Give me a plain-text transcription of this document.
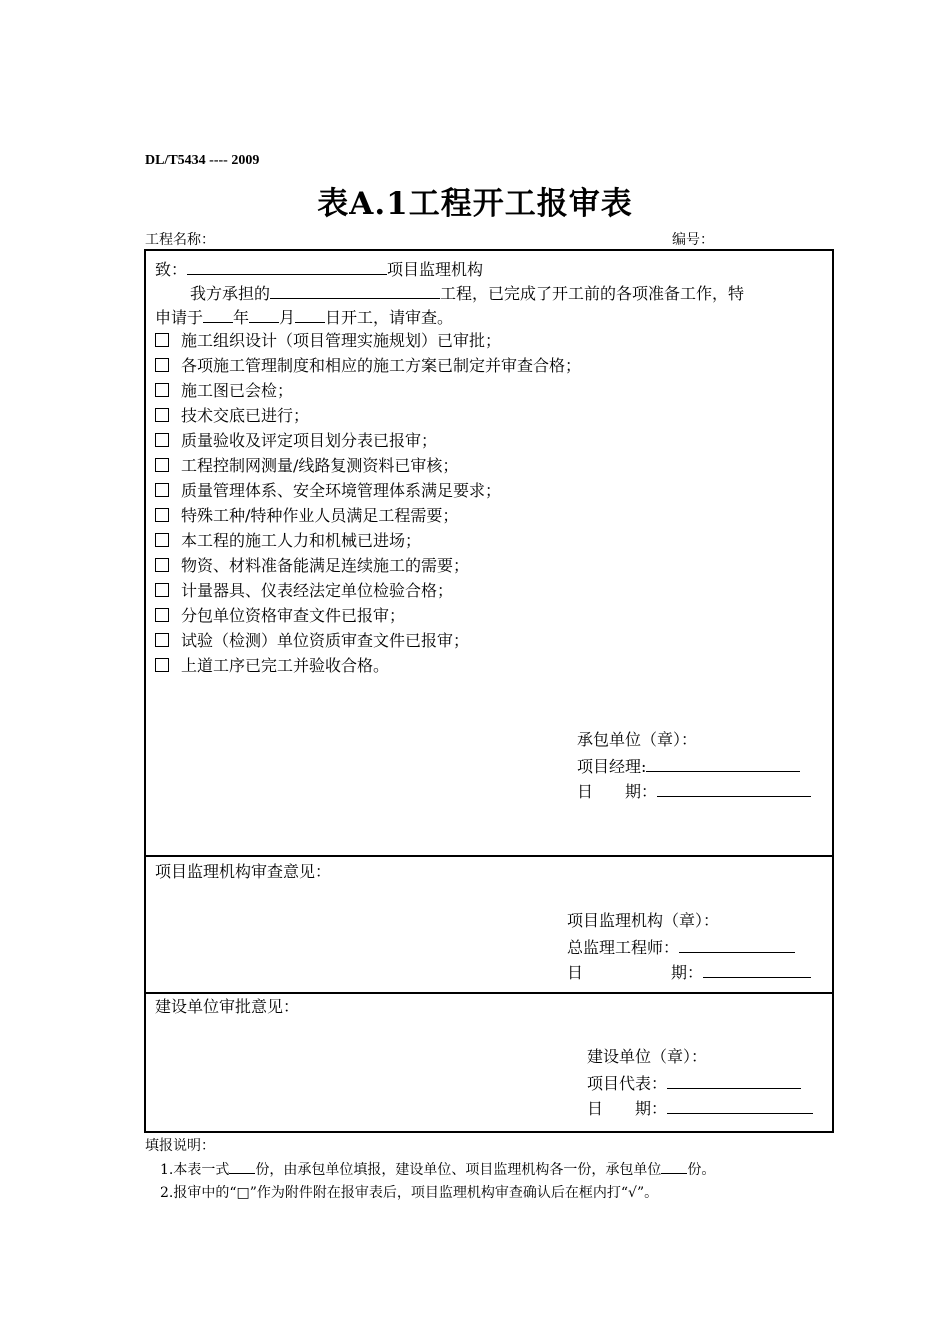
DL/T5434 ---- 2009
表A.1工程开工报审表
工程名称：	编号：
致：	项目监理机构
我方承担的	工程，已完成了开工前的各项准备工作，特
申请于 年 月 日开工，请审查。
施工组织设计（项目管理实施规划）已审批；
各项施工管理制度和相应的施工方案已制定并审查合格；
施工图已会检；
技术交底已进行；
质量验收及评定项目划分表已报审；
工程控制网测量/线路复测资料已审核；
质量管理体系、安全环境管理体系满足要求；
特殊工种/特种作业人员满足工程需要；
本工程的施工人力和机械已进场；
物资、材料准备能满足连续施工的需要；
计量器具、仪表经法定单位检验合格；
分包单位资格审查文件已报审；
试验（检测）单位资质审查文件已报审；
上道工序已完工并验收合格。
承包单位（章）：
项目经理:
日　　期：
项目监理机构审查意见：
项目监理机构（章）：
总监理工程师：
日	期：
建设单位审批意见：
建设单位（章）：
项目代表：
日　　期：
填报说明：
1.本表一式 份，由承包单位填报，建设单位、项目监理机构各一份，承包单位 份。
2.报审中的“□”作为附件附在报审表后，项目监理机构审查确认后在框内打“√”。
